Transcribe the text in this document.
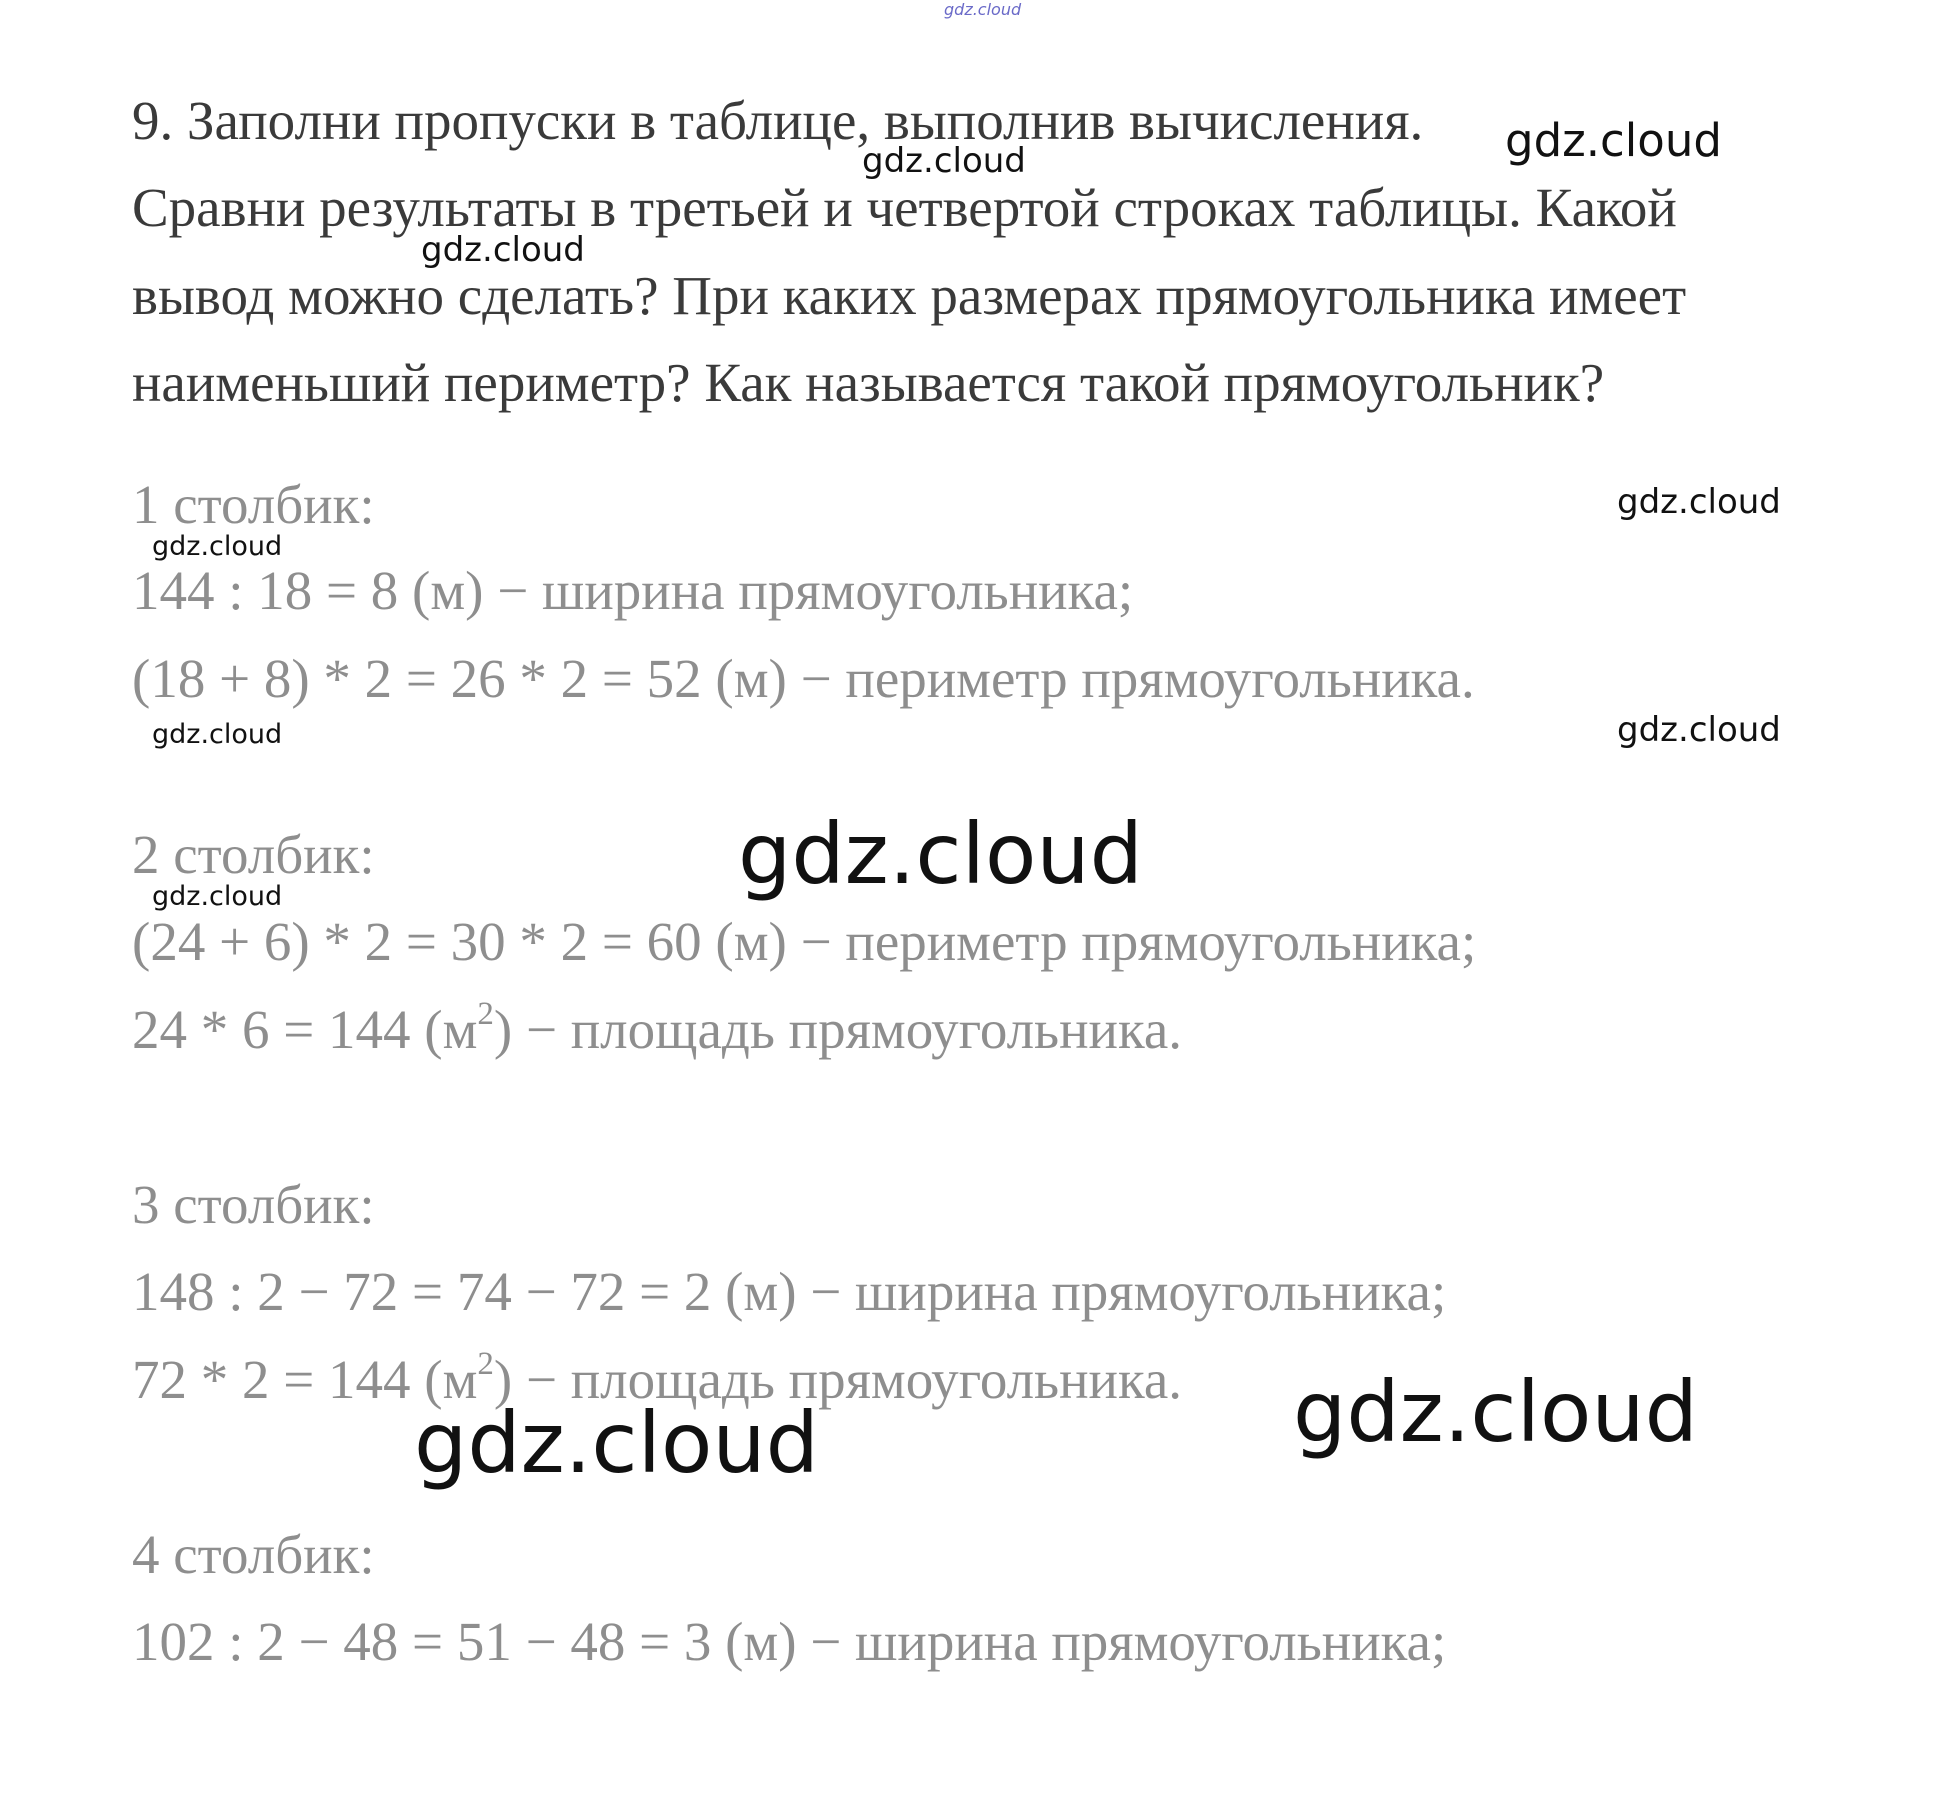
9. Заполни пропуски в таблице, выполнив вычисления.
Сравни результаты в третьей и четвертой строках таблицы. Какой
вывод можно сделать? При каких размерах прямоугольника имеет
наименьший периметр? Как называется такой прямоугольник?
1 столбик:
144 : 18 = 8 (м) − ширина прямоугольника;
(18 + 8) * 2 = 26 * 2 = 52 (м) − периметр прямоугольника.
2 столбик:
(24 + 6) * 2 = 30 * 2 = 60 (м) − периметр прямоугольника;
24 * 6 = 144 $(м^2)$ − площадь прямоугольника.
3 столбик:
148 : 2 − 72 = 74 − 72 = 2 (м) − ширина прямоугольника;
72 * 2 = 144 $(м^2)$ − площадь прямоугольника.
4 столбик:
102 : 2 − 48 = 51 − 48 = 3 (м) − ширина прямоугольника;
gdz.cloud
gdz.cloud
gdz.cloud
gdz.cloud
gdz.cloud
gdz.cloud
gdz.cloud	gdz.cloud
gdz.cloud
gdz.cloud
gdz.cloud
gdz.cloud
